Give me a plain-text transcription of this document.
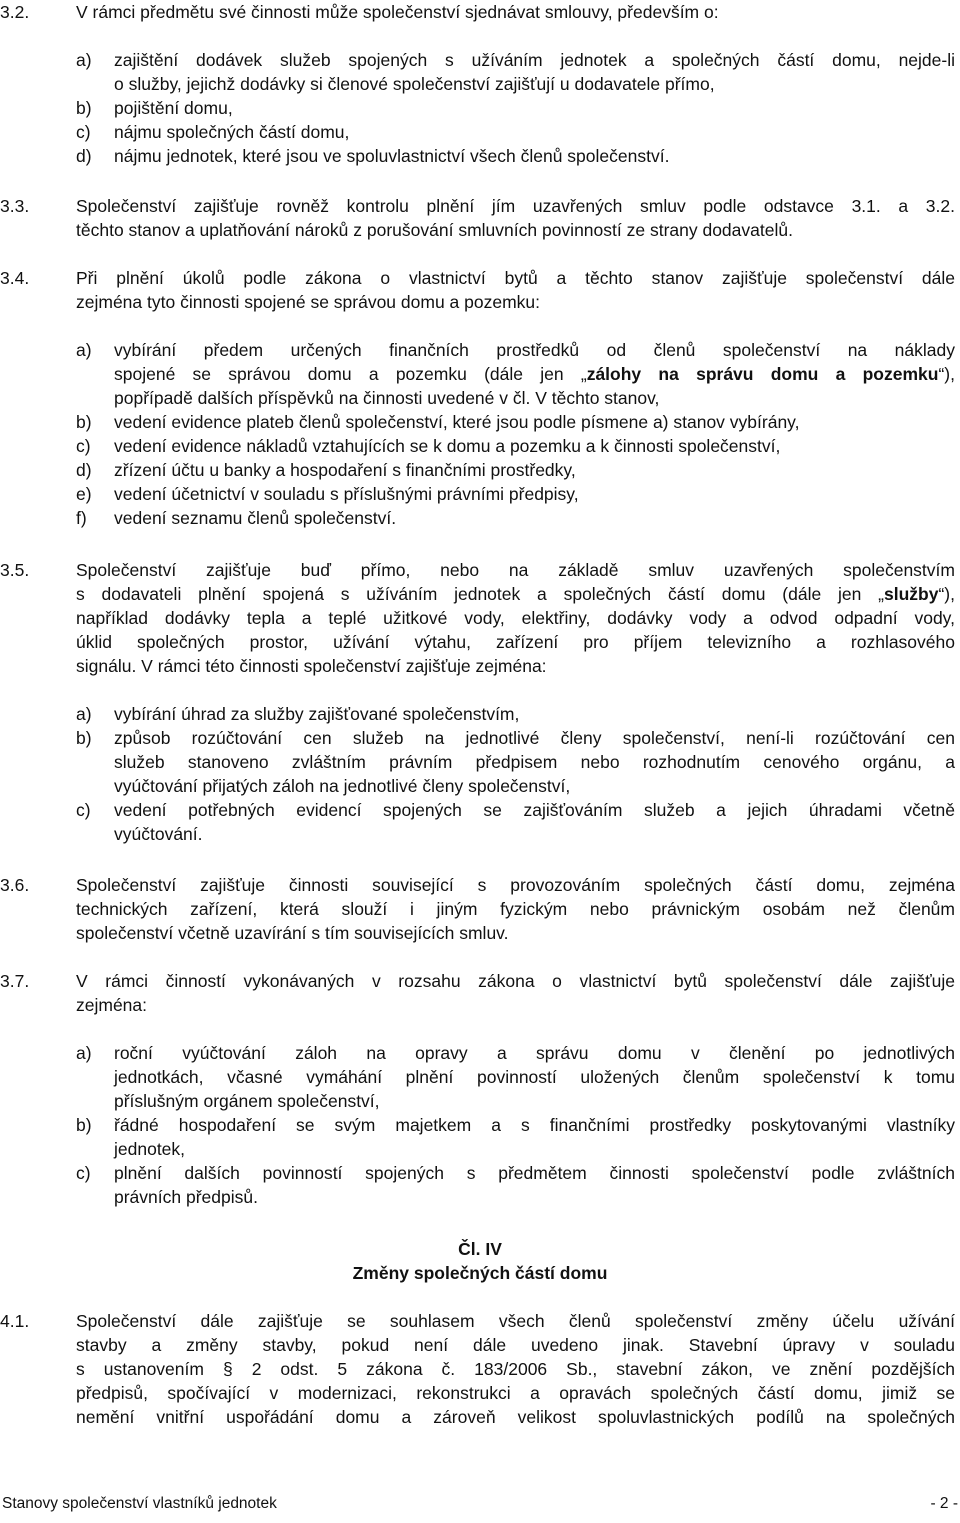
3.2.	V rámci předmětu své činnosti může společenství sjednávat smlouvy, především o:

a) zajištění dodávek služeb spojených s užíváním jednotek a společných částí domu, nejde-li

o služby, jejichž dodávky si členové společenství zajišťují u dodavatele přímo,

b) pojištění domu,

c) nájmu společných částí domu,

d) nájmu jednotek, které jsou ve spoluvlastnictví všech členů společenství.

3.3.	Společenství zajišťuje rovněž kontrolu plnění jím uzavřených smluv podle odstavce 3.1. a 3.2.

těchto stanov a uplatňování nároků z porušování smluvních povinností ze strany dodavatelů.

3.4.	Při plnění úkolů podle zákona o vlastnictví bytů a těchto stanov zajišťuje společenství dále

zejména tyto činnosti spojené se správou domu a pozemku:

a) vybírání předem určených finančních prostředků od členů společenství na náklady

spojené se správou domu a pozemku (dále jen „zálohy na správu domu a pozemku“),

popřípadě dalších příspěvků na činnosti uvedené v čl. V těchto stanov,

b) vedení evidence plateb členů společenství, které jsou podle písmene a) stanov vybírány,

c) vedení evidence nákladů vztahujících se k domu a pozemku a k činnosti společenství,

d) zřízení účtu u banky a hospodaření s finančními prostředky,

e) vedení účetnictví v souladu s příslušnými právními předpisy,

f) vedení seznamu členů společenství.

3.5.	Společenství zajišťuje buď přímo, nebo na základě smluv uzavřených společenstvím

s dodavateli plnění spojená s užíváním jednotek a společných částí domu (dále jen „služby“),

například dodávky tepla a teplé užitkové vody, elektřiny, dodávky vody a odvod odpadní vody,

úklid společných prostor, užívání výtahu, zařízení pro příjem televizního a rozhlasového

signálu. V rámci této činnosti společenství zajišťuje zejména:

a) vybírání úhrad za služby zajišťované společenstvím,

b) způsob rozúčtování cen služeb na jednotlivé členy společenství, není-li rozúčtování cen

služeb stanoveno zvláštním právním předpisem nebo rozhodnutím cenového orgánu, a

vyúčtování přijatých záloh na jednotlivé členy společenství,

c) vedení potřebných evidencí spojených se zajišťováním služeb a jejich úhradami včetně

vyúčtování.

3.6.	Společenství zajišťuje činnosti související s provozováním společných částí domu, zejména

technických zařízení, která slouží i jiným fyzickým nebo právnickým osobám než členům

společenství včetně uzavírání s tím souvisejících smluv.

3.7.	V rámci činností vykonávaných v rozsahu zákona o vlastnictví bytů společenství dále zajišťuje

zejména:

a) roční vyúčtování záloh na opravy a správu domu v členění po jednotlivých

jednotkách, včasné vymáhání plnění povinností uložených členům společenství k tomu

příslušným orgánem společenství,

b) řádné hospodaření se svým majetkem a s finančními prostředky poskytovanými vlastníky

jednotek,

c) plnění dalších povinností spojených s předmětem činnosti společenství podle zvláštních

právních předpisů.

Čl. IV
Změny společných částí domu
4.1.	Společenství dále zajišťuje se souhlasem všech členů společenství změny účelu užívání

stavby a změny stavby, pokud není dále uvedeno jinak. Stavební úpravy v souladu

s ustanovením § 2 odst. 5 zákona č. 183/2006 Sb., stavební zákon, ve znění pozdějších

předpisů, spočívající v modernizaci, rekonstrukci a opravách společných částí domu, jimiž se

nemění vnitřní uspořádání domu a zároveň velikost spoluvlastnických podílů na společných

Stanovy společenství vlastníků jednotek	- 2 -
